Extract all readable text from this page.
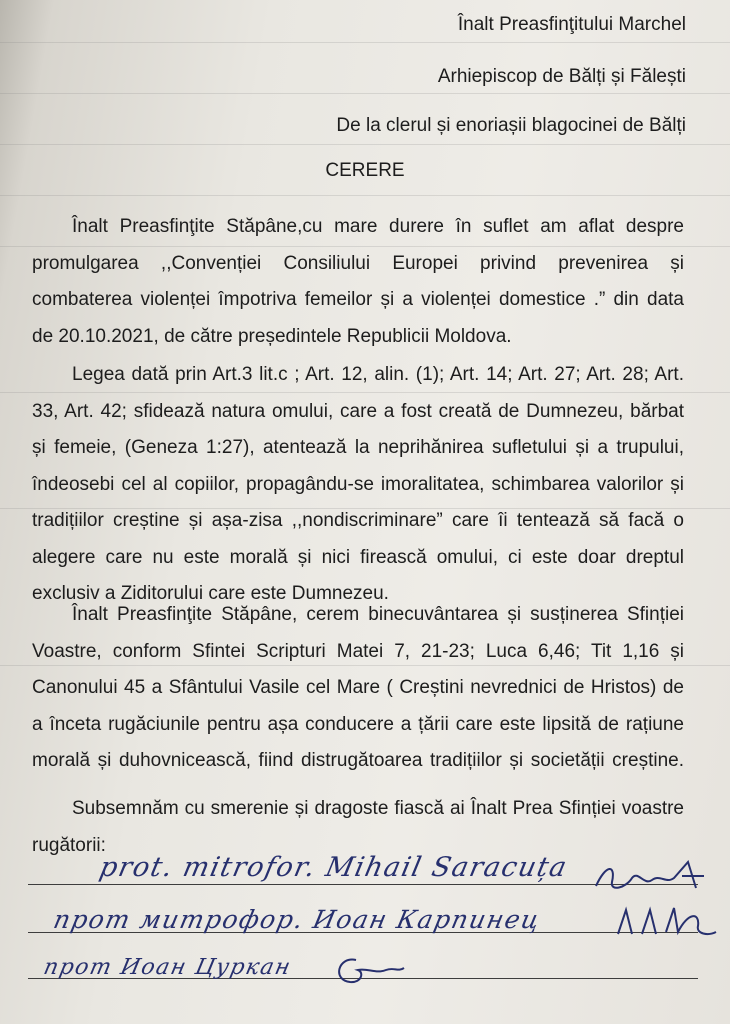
Înalt Preasfinţitului Marchel
Arhiepiscop de Bălți și Fălești
De la clerul și enoriașii blagocinei de Bălți
CERERE
Înalt Preasfinţite Stăpâne,cu mare durere în suflet am aflat despre
promulgarea ,,Convenției Consiliului Europei privind prevenirea și
combaterea violenței împotriva femeilor și a violenței domestice .” din data
de 20.10.2021, de către președintele Republicii Moldova.
Legea dată prin Art.3 lit.c ; Art. 12, alin. (1); Art. 14; Art. 27; Art. 28; Art.
33, Art. 42; sfidează natura omului, care a fost creată de Dumnezeu, bărbat
și femeie, (Geneza 1:27), atentează la neprihănirea sufletului și a trupului,
îndeosebi cel al copiilor, propagându-se imoralitatea, schimbarea valorilor și
tradițiilor creștine și așa-zisa ,,nondiscriminare” care îi tentează să facă o
alegere care nu este morală și nici firească omului, ci este doar dreptul
exclusiv a Ziditorului care este Dumnezeu.
Înalt Preasfinţite Stăpâne, cerem binecuvântarea și susținerea Sfinției
Voastre, conform Sfintei Scripturi Matei 7, 21-23; Luca 6,46; Tit 1,16 și
Canonului 45 a Sfântului Vasile cel Mare ( Creștini nevrednici de Hristos) de
a înceta rugăciunile pentru așa conducere a țării care este lipsită de rațiune
morală și duhovnicească, fiind distrugătoarea tradițiilor și societății creștine.
Subsemnăm cu smerenie și dragoste fiască ai Înalt Prea Sfinției voastre
rugătorii:
prot. mitrofor. Mihail Saracuța
прот митрофор. Иоан Карпинец
прот Иоан Цуркан
